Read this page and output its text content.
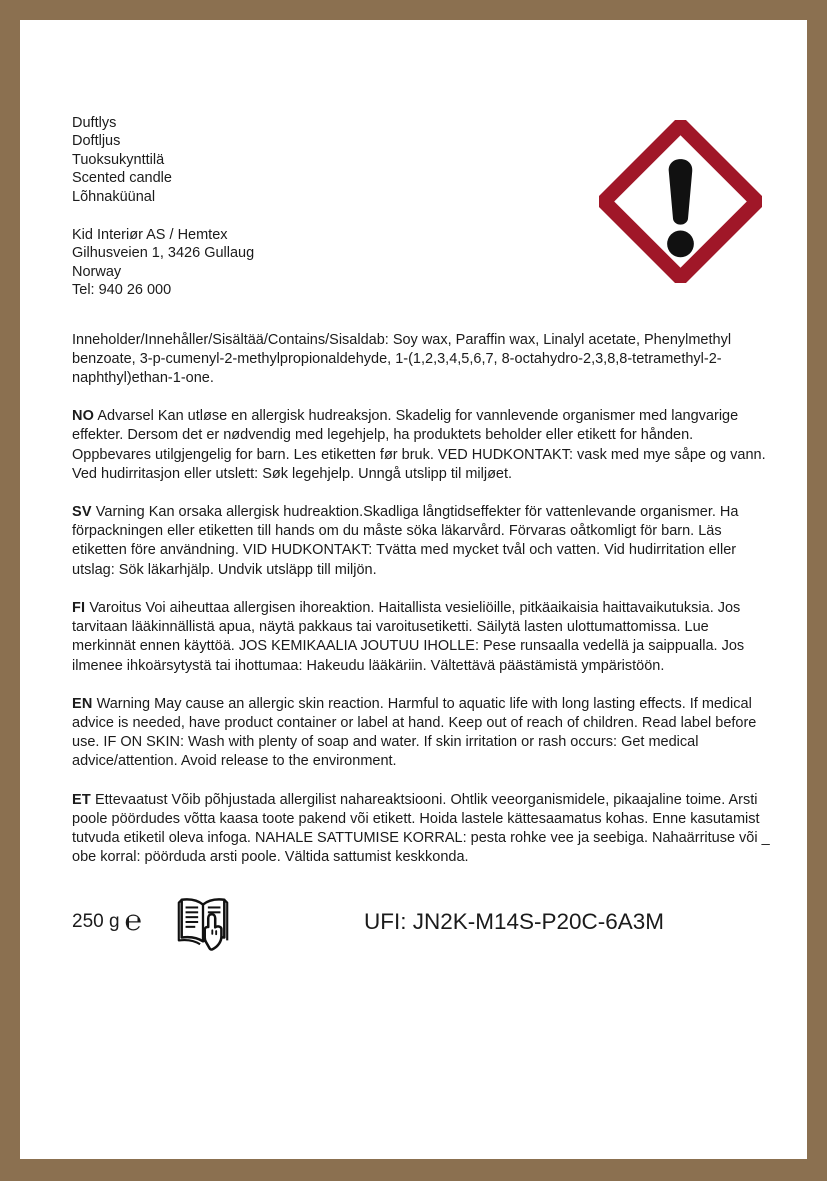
Duftlys
Doftljus
Tuoksukynttilä
Scented candle
Lõhnaküünal
Kid Interiør AS / Hemtex
Gilhusveien 1, 3426 Gullaug
Norway
Tel: 940 26 000
Inneholder/Innehåller/Sisältää/Contains/Sisaldab: Soy wax, Paraffin wax, Linalyl acetate, Phenylmethyl benzoate, 3-p-cumenyl-2-methylpropionaldehyde, 1-(1,2,3,4,5,6,7, 8-octahydro-2,3,8,8-tetramethyl-2-naphthyl)ethan-1-one.
NO Advarsel Kan utløse en allergisk hudreaksjon. Skadelig for vannlevende organismer med langvarige effekter. Dersom det er nødvendig med legehjelp, ha produktets beholder eller etikett for hånden. Oppbevares utilgjengelig for barn. Les etiketten før bruk. VED HUDKONTAKT: vask med mye såpe og vann. Ved hudirritasjon eller utslett: Søk legehjelp. Unngå utslipp til miljøet.
SV Varning Kan orsaka allergisk hudreaktion.Skadliga långtidseffekter för vattenlevande organismer. Ha förpackningen eller etiketten till hands om du måste söka läkarvård. Förvaras oåtkomligt för barn. Läs etiketten före användning. VID HUDKONTAKT: Tvätta med mycket tvål och vatten. Vid hudirritation eller utslag: Sök läkarhjälp. Undvik utsläpp till miljön.
FI Varoitus Voi aiheuttaa allergisen ihoreaktion. Haitallista vesieliöille, pitkäaikaisia haittavaikutuksia. Jos tarvitaan lääkinnällistä apua, näytä pakkaus tai varoitusetiketti. Säilytä lasten ulottumattomissa. Lue merkinnät ennen käyttöä. JOS KEMIKAALIA JOUTUU IHOLLE: Pese runsaalla vedellä ja saippualla. Jos ilmenee ihkoärsytystä tai ihottumaa: Hakeudu lääkäriin. Vältettävä päästämistä ympäristöön.
EN Warning May cause an allergic skin reaction. Harmful to aquatic life with long lasting effects. If medical advice is needed, have product container or label at hand. Keep out of reach of children. Read label before use. IF ON SKIN: Wash with plenty of soap and water. If skin irritation or rash occurs: Get medical advice/attention. Avoid release to the environment.
ET Ettevaatust Võib põhjustada allergilist nahareaktsiooni. Ohtlik veeorganismidele, pikaajaline toime. Arsti poole pöördudes võtta kaasa toote pakend või etikett. Hoida lastele kättesaamatus kohas. Enne kasutamist tutvuda etiketil oleva infoga. NAHALE SATTUMISE KORRAL: pesta rohke vee ja seebiga. Nahaärrituse või _ obe korral: pöörduda arsti poole. Vältida sattumist keskkonda.
250 g ℮	UFI: JN2K-M14S-P20C-6A3M
